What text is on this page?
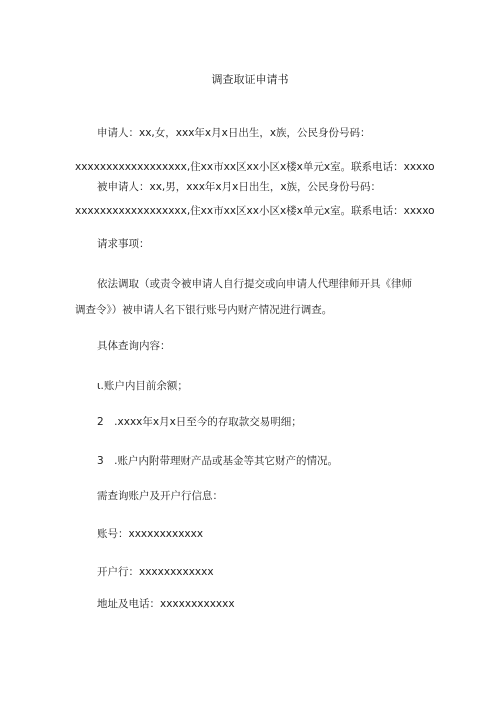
调查取证申请书
申请人：xx,女，xxx年x月x日出生，x族，公民身份号码：
xxxxxxxxxxxxxxxxxx,住xx市xx区xx小区x楼x单元x室。联系电话：xxxxo
被申请人：xx,男，xxx年x月x日出生，x族，公民身份号码：
xxxxxxxxxxxxxxxxxx,住xx市xx区xx小区x楼x单元x室。联系电话：xxxxo
请求事项：
依法调取（或责令被申请人自行提交或向申请人代理律师开具《律师
调查令》）被申请人名下银行账号内财产情况进行调查。
具体查询内容：
ι.账户内目前余额；
2　.xxxx年x月x日至今的存取款交易明细；
3　.账户内附带理财产品或基金等其它财产的情况。
需查询账户及开户行信息：
账号：xxxxxxxxxxxx
开户行：xxxxxxxxxxxx
地址及电话：xxxxxxxxxxxx
